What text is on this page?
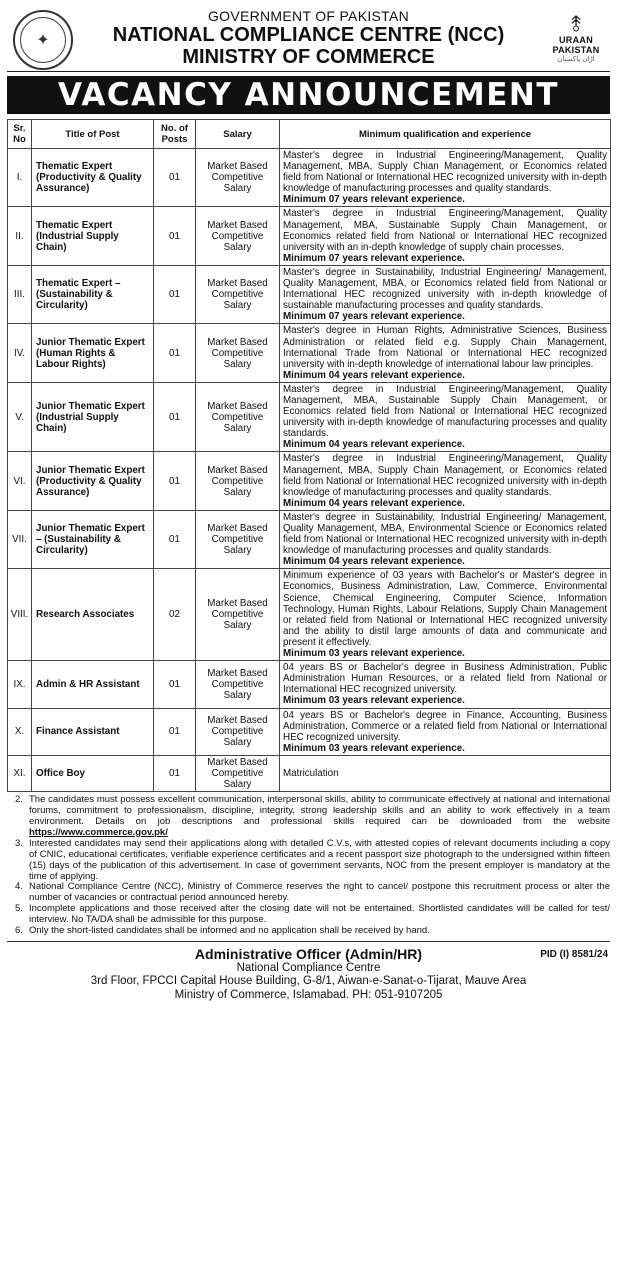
✦
GOVERNMENT OF PAKISTAN
NATIONAL COMPLIANCE CENTRE (NCC)
MINISTRY OF COMMERCE
⥉
URAAN PAKISTAN
اڑان پاکستان
VACANCY ANNOUNCEMENT
Sr. No	Title of Post	No. of Posts	Salary	Minimum qualification and experience
I.	Thematic Expert (Productivity & Quality Assurance)	01	Market Based Competitive Salary	Master's degree in Industrial Engineering/Management, Quality Management, MBA, Supply Chian Management, or Economics related field from National or International HEC recognized university with in-depth knowledge of manufacturing processes and quality standards.
Minimum 07 years relevant experience.

II.	Thematic Expert (Industrial Supply Chain)	01	Market Based Competitive Salary	Master's degree in Industrial Engineering/Management, Quality Management, MBA, Sustainable Supply Chain Management, or Economics related field from National or International HEC recognized university with an in-depth knowledge of supply chain processes.
Minimum 07 years relevant experience.

III.	Thematic Expert – (Sustainability & Circularity)	01	Market Based Competitive Salary	Master's degree in Sustainability, Industrial Engineering/ Management, Quality Management, MBA, or Economics related field from National or International HEC recognized university with in-depth knowledge of sustainable manufacturing processes and quality standards.
Minimum 07 years relevant experience.

IV.	Junior Thematic Expert (Human Rights & Labour Rights)	01	Market Based Competitive Salary	Master's degree in Human Rights, Administrative Sciences, Business Administration or related field e.g. Supply Chain Management, International Trade from National or International HEC recognized university with in-depth knowledge of international labour law principles.
Minimum 04 years relevant experience.

V.	Junior Thematic Expert (Industrial Supply Chain)	01	Market Based Competitive Salary	Master's degree in Industrial Engineering/Management, Quality Management, MBA, Sustainable Supply Chain Management, or Economics related field from National or International HEC recognized university with in-depth knowledge of manufacturing processes and quality standards.
Minimum 04 years relevant experience.

VI.	Junior Thematic Expert (Productivity & Quality Assurance)	01	Market Based Competitive Salary	Master's degree in Industrial Engineering/Management, Quality Management, MBA, Supply Chain Management, or Economics related field from National or International HEC recognized university with in-depth knowledge of manufacturing processes and quality standards.
Minimum 04 years relevant experience.

VII.	Junior Thematic Expert – (Sustainability & Circularity)	01	Market Based Competitive Salary	Master's degree in Sustainability, Industrial Engineering/ Management, Quality Management, MBA, Environmental Science or Economics related field from National or International HEC recognized university with in-depth knowledge of manufacturing processes and quality standards.
Minimum 04 years relevant experience.

VIII.	Research Associates	02	Market Based Competitive Salary	Minimum experience of 03 years with Bachelor's or Master's degree in Economics, Business Administration, Law, Commerce, Environmental Science, Chemical Engineering, Computer Science, Information Technology, Human Rights, Labour Relations, Supply Chain Management or related field from National or International HEC recognized university and the ability to distil large amounts of data and communicate and present it effectively.
Minimum 03 years relevant experience.

IX.	Admin & HR Assistant	01	Market Based Competitive Salary	04 years BS or Bachelor's degree in Business Administration, Public Administration Human Resources, or a related field from National or International HEC recognized university.
Minimum 03 years relevant experience.

X.	Finance Assistant	01	Market Based Competitive Salary	04 years BS or Bachelor's degree in Finance, Accounting, Business Administration, Commerce or a related field from National or International HEC recognized university.
Minimum 03 years relevant experience.

XI.	Office Boy	01	Market Based Competitive Salary	Matriculation
2. The candidates must possess excellent communication, interpersonal skills, ability to communicate effectively at national and international forums, commitment to professionalism, discipline, integrity, strong leadership skills and an ability to work effectively in a team environment. Details on job descriptions and professional skills required can be downloaded from the website https://www.commerce.gov.pk/
3. Interested candidates may send their applications along with detailed C.V.s, with attested copies of relevant documents including a copy of CNIC, educational certificates, verifiable experience certificates and a recent passport size photograph to the undersigned within fifteen (15) days of the publication of this advertisement. In case of government servants, NOC from the present employer is mandatory at the time of applying.
4. National Compliance Centre (NCC), Ministry of Commerce reserves the right to cancel/ postpone this recruitment process or alter the number of vacancies or contractual period announced hereby.
5. Incomplete applications and those received after the closing date will not be entertained. Shortlisted candidates will be called for test/ interview. No TA/DA shall be admissible for this purpose.
6. Only the short-listed candidates shall be informed and no application shall be received by hand.
Administrative Officer (Admin/HR)
National Compliance Centre
3rd Floor, FPCCI Capital House Building, G-8/1, Aiwan-e-Sanat-o-Tijarat, Mauve Area
Ministry of Commerce, Islamabad. PH: 051-9107205
PID (I) 8581/24
